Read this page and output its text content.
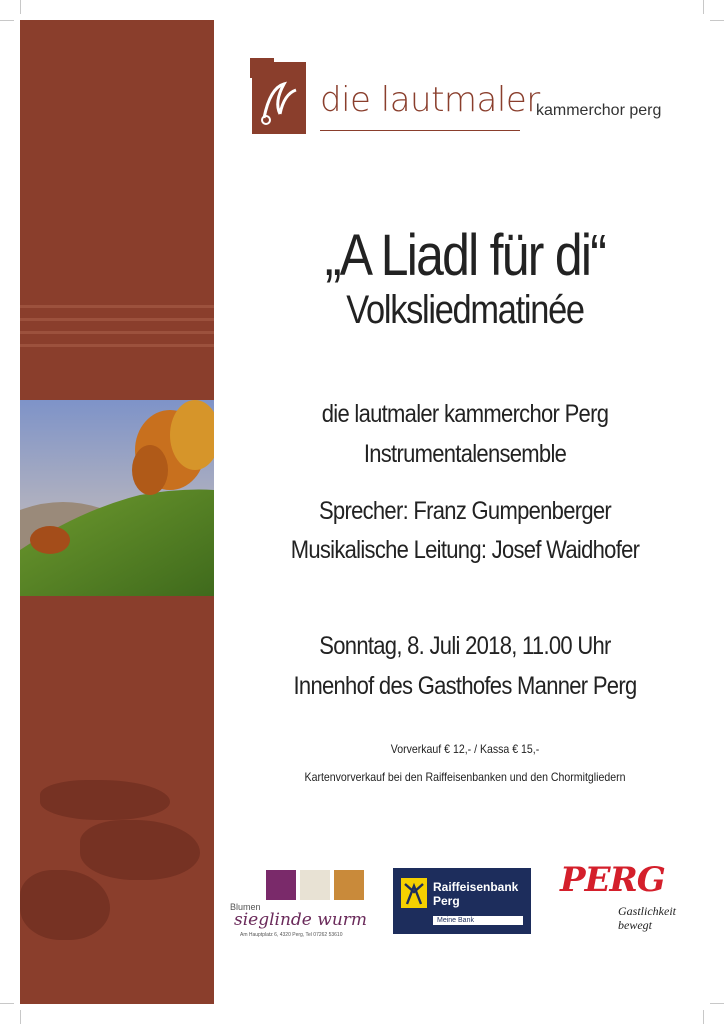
die lautmaler
kammerchor perg
„A Liadl für di“
Volksliedmatinée
die lautmaler kammerchor Perg
Instrumentalensemble
Sprecher: Franz Gumpenberger
Musikalische Leitung: Josef Waidhofer
Sonntag, 8. Juli 2018, 11.00 Uhr
Innenhof des Gasthofes Manner Perg
Vorverkauf € 12,- / Kassa € 15,-
Kartenvorverkauf bei den Raiffeisenbanken und den Chormitgliedern
Blumen
sieglinde wurm
Am Hauptplatz 6, 4320 Perg, Tel 07262 53610
Raiffeisenbank
Perg
Meine Bank
PERG
Gastlichkeit
bewegt
